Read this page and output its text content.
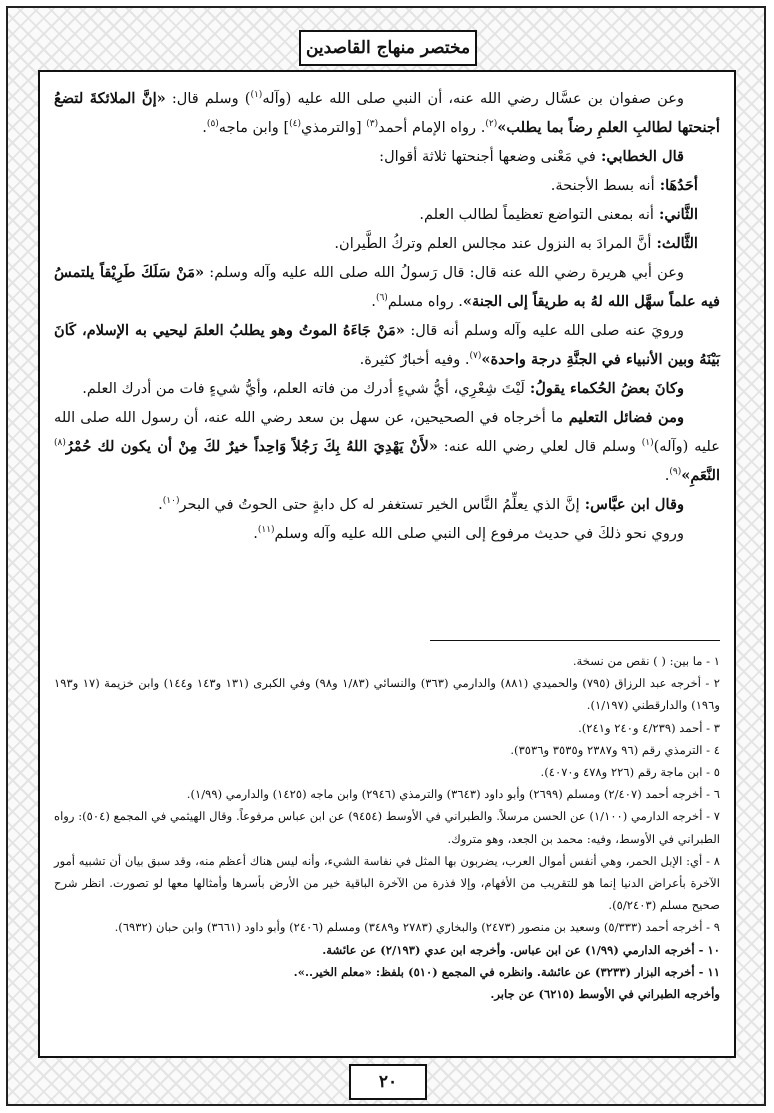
مختصر منهاج القاصدين

وعن صفوان بن عسَّال رضي الله عنه، أن النبي صلى الله عليه (وآله$^{(١)}$) وسلم قال: «إنَّ الملائكةَ لتضعُ أجنحتها لطالبِ العلمِ رضاً بما يطلب»$^{(٢)}$. رواه الإمام أحمد$^{(٣)}$ [والترمذي$^{(٤)}$] وابن ماجه$^{(٥)}$.

قال الخطابي: في مَعْنى وضعها أجنحتها ثلاثة أقوال:

أحَدُهَا: أنه بسط الأجنحة.

الثَّاني: أنه بمعنى التواضع تعظيماً لطالب العلم.

الثَّالث: أنَّ المرادَ به النزول عند مجالس العلم وتركُ الطَّيران.

وعن أبي هريرة رضي الله عنه قال: قال رَسولُ الله صلى الله عليه وآله وسلم: «مَنْ سَلَكَ طَرِيْقاً يلتمسُ فيه علماً سهَّل الله لهُ به طريقاً إلى الجنة». رواه مسلم$^{(٦)}$.

ورويَ عنه صلى الله عليه وآله وسلم أنه قال: «مَنْ جَاءَهُ الموتُ وهو يطلبُ العلمَ ليحيي به الإسلام، كَانَ بَيْنَهُ وبين الأنبياء في الجنَّةِ درجة واحدة»$^{(٧)}$. وفيه أخبارٌ كثيرة.

وكانَ بعضُ الحُكماء يقولُ: لَيْتَ شِعْرِي، أيُّ شيءٍ أدرك من فاته العلم، وأيُّ شيءٍ فات من أدرك العلم.

ومن فضائل التعليم ما أخرجاه في الصحيحين، عن سهل بن سعد رضي الله عنه، أن رسول الله صلى الله عليه (وآله)$^{(١)}$ وسلم قال لعلي رضي الله عنه: «لأَنْ يَهْدِيَ اللهُ بِكَ رَجُلاً وَاحِداً خيرٌ لكَ مِنْ أن يكون لك حُمْرُ$^{(٨)}$ النَّعَمِ»$^{(٩)}$.

وقال ابن عبَّاس: إنَّ الذي يعلِّمُ النَّاس الخير تستغفر له كل دابةٍ حتى الحوتُ في البحر$^{(١٠)}$.

وروي نحو ذلكَ في حديث مرفوع إلى النبي صلى الله عليه وآله وسلم$^{(١١)}$.

١ - ما بين: ( ) نقص من نسخة.

٢ - أخرجه عبد الرزاق (٧٩٥) والحميدي (٨٨١) والدارمي (٣٦٣) والنسائي (١/٨٣ و٩٨) وفي الكبرى (١٣١ و١٤٣ و١٤٤) وابن خزيمة (١٧ و١٩٣ و١٩٦) والدارقطني (١/١٩٧).

٣ - أحمد (٤/٢٣٩ و٢٤٠ و٢٤١).

٤ - الترمذي رقم (٩٦ و٢٣٨٧ و٣٥٣٥ و٣٥٣٦).

٥ - ابن ماجة رقم (٢٢٦ و٤٧٨ و٤٠٧٠).

٦ - أخرجه أحمد (٢/٤٠٧) ومسلم (٢٦٩٩) وأبو داود (٣٦٤٣) والترمذي (٢٩٤٦) وابن ماجه (١٤٢٥) والدارمي (١/٩٩).

٧ - أخرجه الدارمي (١/١٠٠) عن الحسن مرسلاً. والطبراني في الأوسط (٩٤٥٤) عن ابن عباس مرفوعاً. وقال الهيثمي في المجمع (٥٠٤): رواه الطبراني في الأوسط، وفيه: محمد بن الجعد، وهو متروك.

٨ - أي: الإبل الحمر، وهي أنفس أموال العرب، يضربون بها المثل في نفاسة الشيء، وأنه ليس هناك أعظم منه، وقد سبق بيان أن تشبيه أمور الآخرة بأعراض الدنيا إنما هو للتقريب من الأفهام، وإلا فذرة من الآخرة الباقية خير من الأرض بأسرها وأمثالها معها لو تصورت. انظر شرح صحيح مسلم (٥/٢٤٠٣).

٩ - أخرجه أحمد (٥/٣٣٣) وسعيد بن منصور (٢٤٧٣) والبخاري (٢٧٨٣ و٣٤٨٩) ومسلم (٢٤٠٦) وأبو داود (٣٦٦١) وابن حبان (٦٩٣٢).

١٠ - أخرجه الدارمي (١/٩٩) عن ابن عباس. وأخرجه ابن عدي (٢/١٩٣) عن عائشة.

١١ - أخرجه البزار (٣٢٣٣) عن عائشة. وانظره في المجمع (٥١٠) بلفظ: «معلم الخير..».

وأخرجه الطبراني في الأوسط (٦٢١٥) عن جابر.

٢٠
